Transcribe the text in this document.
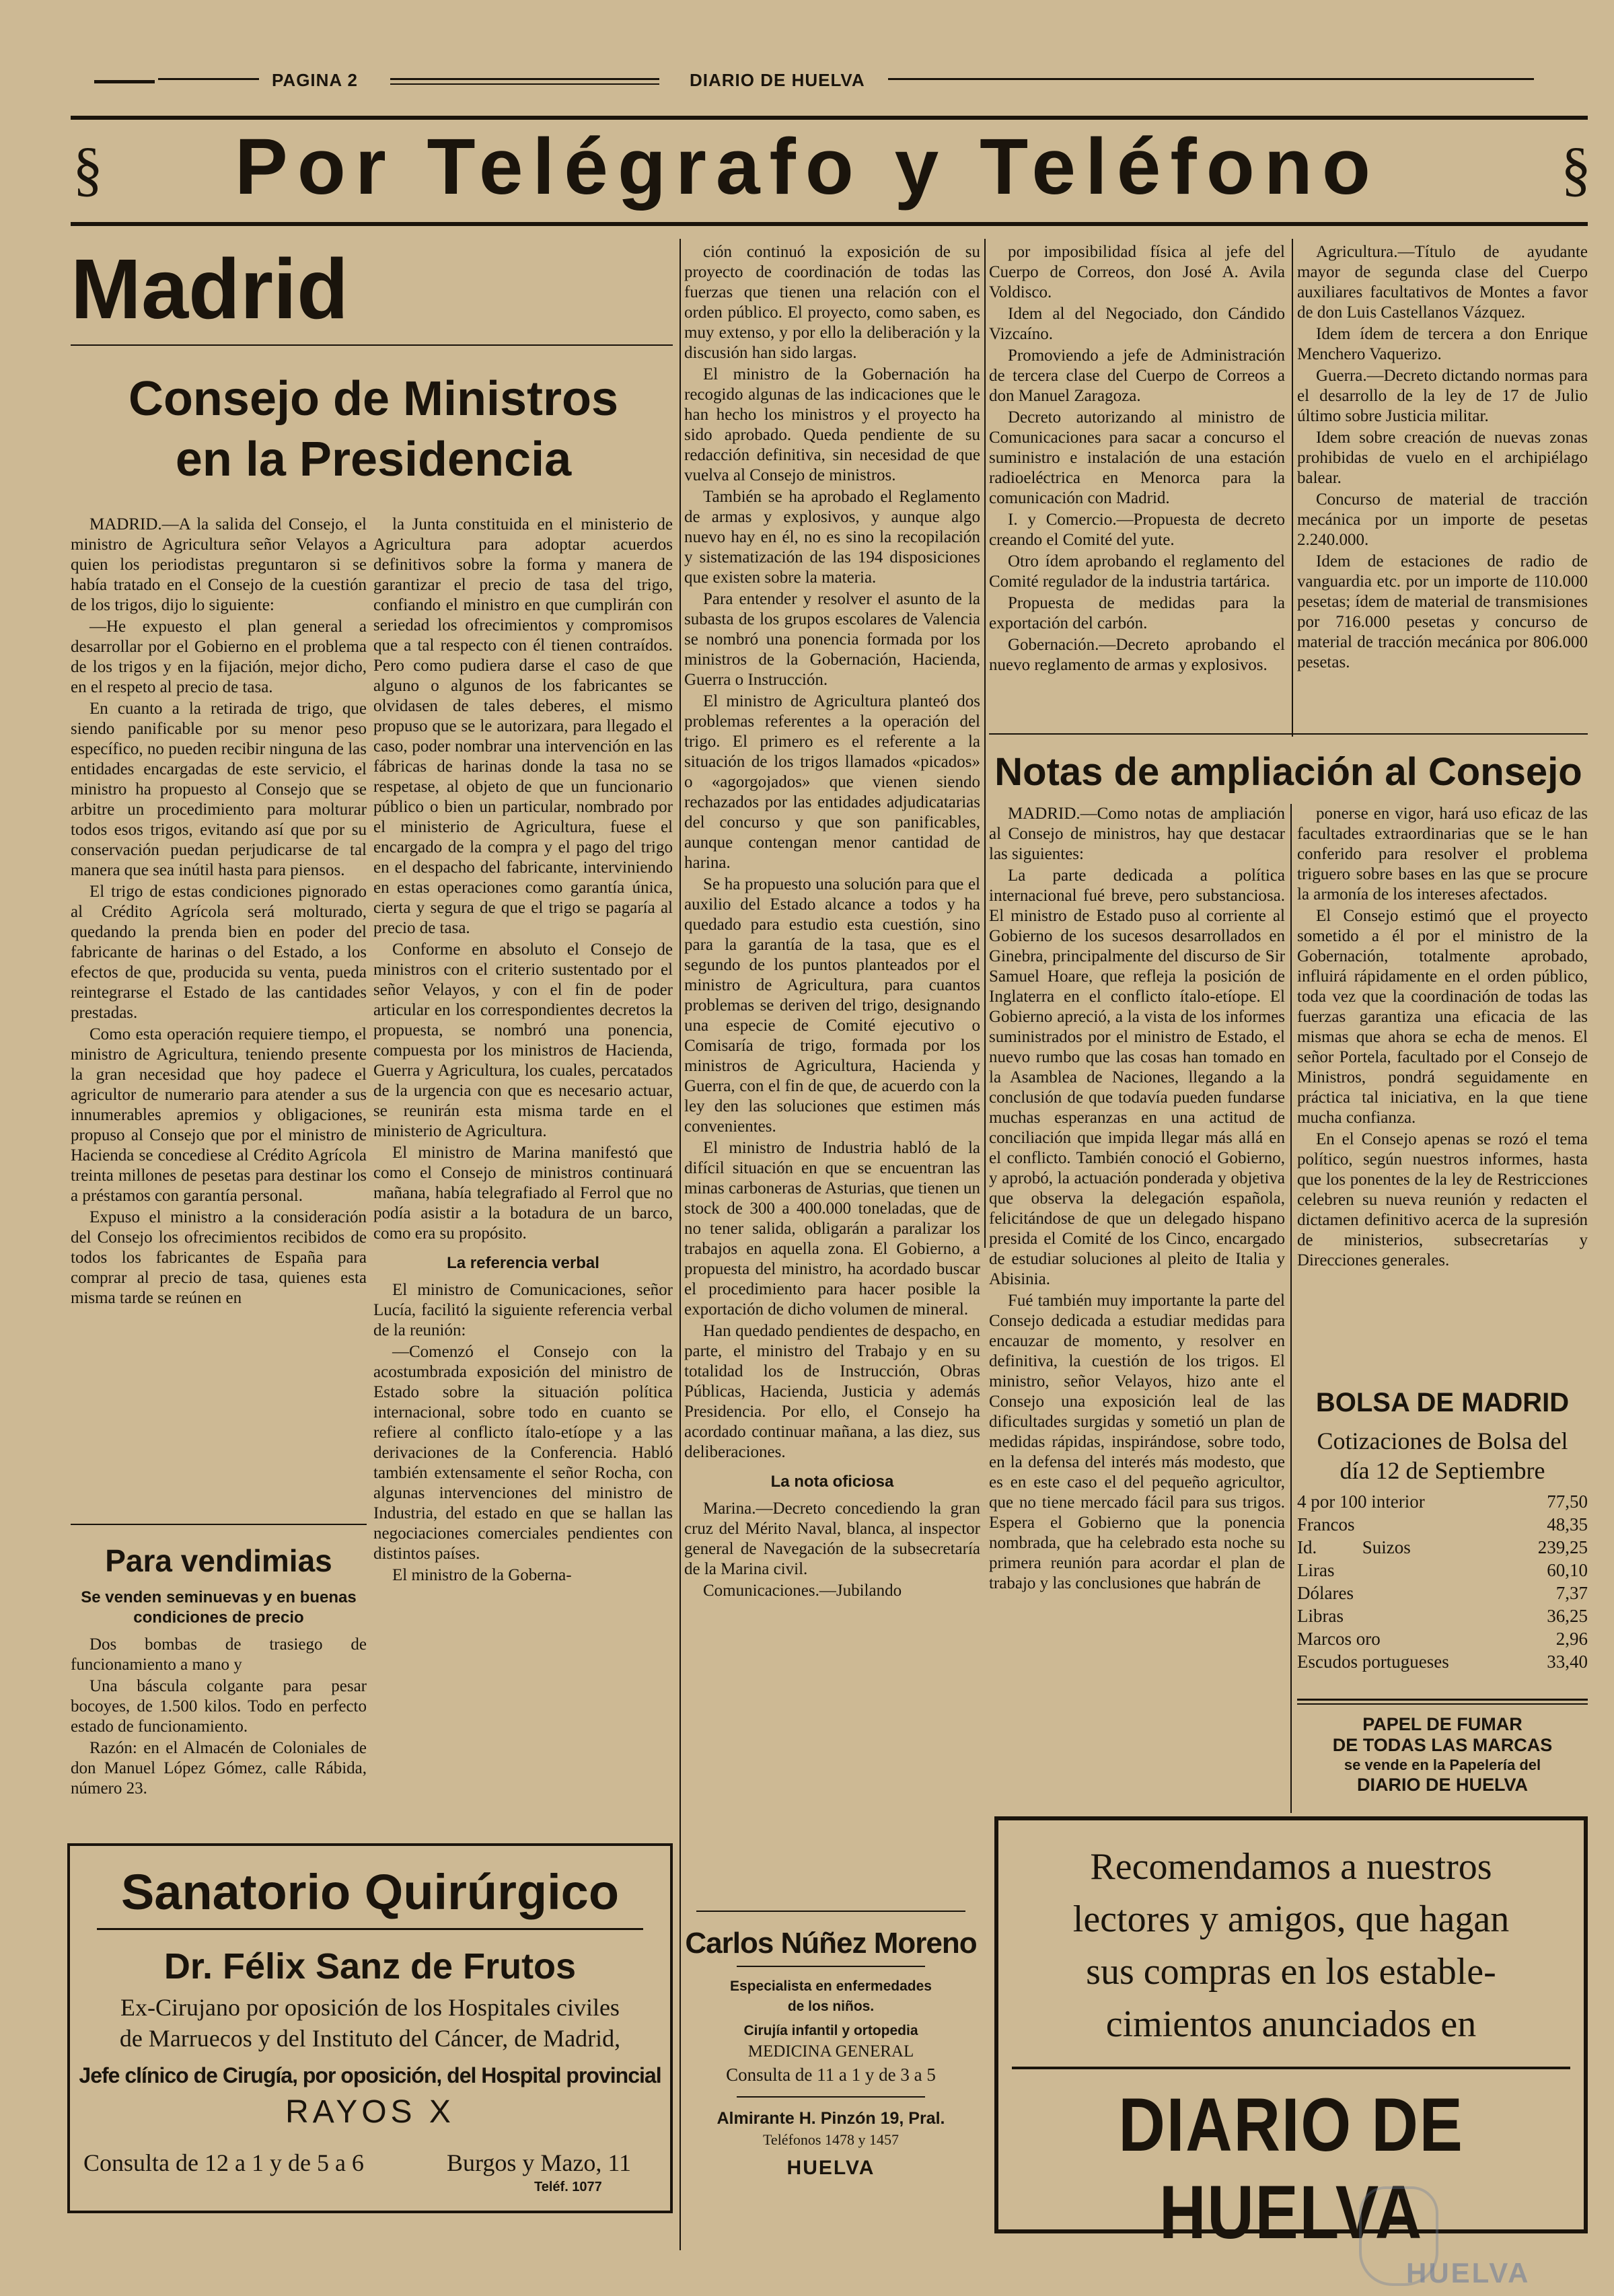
PAGINA 2	DIARIO DE HUELVA
§	Por Telégrafo y Teléfono	§
Madrid
Consejo de Ministros
en la Presidencia

MADRID.—A la salida del Consejo, el ministro de Agricultura señor Velayos a quien los periodistas preguntaron si se había tratado en el Consejo de la cuestión de los trigos, dijo lo siguiente:

—He expuesto el plan general a desarrollar por el Gobierno en el problema de los trigos y en la fijación, mejor dicho, en el respeto al precio de tasa.

En cuanto a la retirada de trigo, que siendo panificable por su menor peso específico, no pueden recibir ninguna de las entidades encargadas de este servicio, el ministro ha propuesto al Consejo que se arbitre un procedimiento para molturar todos esos trigos, evitando así que por su conservación puedan perjudicarse de tal manera que sea inútil hasta para piensos.

El trigo de estas condiciones pignorado al Crédito Agrícola será molturado, quedando la prenda bien en poder del fabricante de harinas o del Estado, a los efectos de que, producida su venta, pueda reintegrarse el Estado de las cantidades prestadas.

Como esta operación requiere tiempo, el ministro de Agricultura, teniendo presente la gran necesidad que hoy padece el agricultor de numerario para atender a sus innumerables apremios y obligaciones, propuso al Consejo que por el ministro de Hacienda se concediese al Crédito Agrícola treinta millones de pesetas para destinar los a préstamos con garantía personal.

Expuso el ministro a la consideración del Consejo los ofrecimientos recibidos de todos los fabricantes de España para comprar al precio de tasa, quienes esta misma tarde se reúnen en

Para vendimias
Se venden seminuevas y en buenas condiciones de precio

Dos bombas de trasiego de funcionamiento a mano y

Una báscula colgante para pesar bocoyes, de 1.500 kilos. Todo en perfecto estado de funcionamiento.

Razón: en el Almacén de Coloniales de don Manuel López Gómez, calle Rábida, número 23.

la Junta constituida en el ministerio de Agricultura para adoptar acuerdos definitivos sobre la forma y manera de garantizar el precio de tasa del trigo, confiando el ministro en que cumplirán con seriedad los ofrecimientos y compromisos que a tal respecto con él tienen contraídos. Pero como pudiera darse el caso de que alguno o algunos de los fabricantes se olvidasen de tales deberes, el mismo propuso que se le autorizara, para llegado el caso, poder nombrar una intervención en las fábricas de harinas donde la tasa no se respetase, al objeto de que un funcionario público o bien un particular, nombrado por el ministerio de Agricultura, fuese el encargado de la compra y el pago del trigo en el despacho del fabricante, interviniendo en estas operaciones como garantía única, cierta y segura de que el trigo se pagaría al precio de tasa.

Conforme en absoluto el Consejo de ministros con el criterio sustentado por el señor Velayos, y con el fin de poder articular en los correspondientes decretos la propuesta, se nombró una ponencia, compuesta por los ministros de Hacienda, Guerra y Agricultura, los cuales, percatados de la urgencia con que es necesario actuar, se reunirán esta misma tarde en el ministerio de Agricultura.

El ministro de Marina manifestó que como el Consejo de ministros continuará mañana, había telegrafiado al Ferrol que no podía asistir a la botadura de un barco, como era su propósito.

La referencia verbal

El ministro de Comunicaciones, señor Lucía, facilitó la siguiente referencia verbal de la reunión:

—Comenzó el Consejo con la acostumbrada exposición del ministro de Estado sobre la situación política internacional, sobre todo en cuanto se refiere al conflicto ítalo-etíope y a las derivaciones de la Conferencia. Habló también extensamente el señor Rocha, con algunas intervenciones del ministro de Industria, del estado en que se hallan las negociaciones comerciales pendientes con distintos países.

El ministro de la Goberna-

ción continuó la exposición de su proyecto de coordinación de todas las fuerzas que tienen una relación con el orden público. El proyecto, como saben, es muy extenso, y por ello la deliberación y la discusión han sido largas.

El ministro de la Gobernación ha recogido algunas de las indicaciones que le han hecho los ministros y el proyecto ha sido aprobado. Queda pendiente de su redacción definitiva, sin necesidad de que vuelva al Consejo de ministros.

También se ha aprobado el Reglamento de armas y explosivos, y aunque algo nuevo hay en él, no es sino la recopilación y sistematización de las 194 disposiciones que existen sobre la materia.

Para entender y resolver el asunto de la subasta de los grupos escolares de Valencia se nombró una ponencia formada por los ministros de la Gobernación, Hacienda, Guerra o Instrucción.

El ministro de Agricultura planteó dos problemas referentes a la operación del trigo. El primero es el referente a la situación de los trigos llamados «picados» o «agorgojados» que vienen siendo rechazados por las entidades adjudicatarias del concurso y que son panificables, aunque contengan menor cantidad de harina.

Se ha propuesto una solución para que el auxilio del Estado alcance a todos y ha quedado para estudio esta cuestión, sino para la garantía de la tasa, que es el segundo de los puntos planteados por el ministro de Agricultura, para cuantos problemas se deriven del trigo, designando una especie de Comité ejecutivo o Comisaría de trigo, formada por los ministros de Agricultura, Hacienda y Guerra, con el fin de que, de acuerdo con la ley den las soluciones que estimen más convenientes.

El ministro de Industria habló de la difícil situación en que se encuentran las minas carboneras de Asturias, que tienen un stock de 300 a 400.000 toneladas, que de no tener salida, obligarán a paralizar los trabajos en aquella zona. El Gobierno, a propuesta del ministro, ha acordado buscar el procedimiento para hacer posible la exportación de dicho volumen de mineral.

Han quedado pendientes de despacho, en parte, el ministro del Trabajo y en su totalidad los de Instrucción, Obras Públicas, Hacienda, Justicia y además Presidencia. Por ello, el Consejo ha acordado continuar mañana, a las diez, sus deliberaciones.

La nota oficiosa

Marina.—Decreto concediendo la gran cruz del Mérito Naval, blanca, al inspector general de Navegación de la subsecretaría de la Marina civil.

Comunicaciones.—Jubilando

por imposibilidad física al jefe del Cuerpo de Correos, don José A. Avila Voldisco.

Idem al del Negociado, don Cándido Vizcaíno.

Promoviendo a jefe de Administración de tercera clase del Cuerpo de Correos a don Manuel Zaragoza.

Decreto autorizando al ministro de Comunicaciones para sacar a concurso el suministro e instalación de una estación radioeléctrica en Menorca para la comunicación con Madrid.

I. y Comercio.—Propuesta de decreto creando el Comité del yute.

Otro ídem aprobando el reglamento del Comité regulador de la industria tartárica.

Propuesta de medidas para la exportación del carbón.

Gobernación.—Decreto aprobando el nuevo reglamento de armas y explosivos.

Agricultura.—Título de ayudante mayor de segunda clase del Cuerpo auxiliares facultativos de Montes a favor de don Luis Castellanos Vázquez.

Idem ídem de tercera a don Enrique Menchero Vaquerizo.

Guerra.—Decreto dictando normas para el desarrollo de la ley de 17 de Julio último sobre Justicia militar.

Idem sobre creación de nuevas zonas prohibidas de vuelo en el archipiélago balear.

Concurso de material de tracción mecánica por un importe de pesetas 2.240.000.

Idem de estaciones de radio de vanguardia etc. por un importe de 110.000 pesetas; ídem de material de transmisiones por 716.000 pesetas y concurso de material de tracción mecánica por 806.000 pesetas.

Notas de ampliación al Consejo

MADRID.—Como notas de ampliación al Consejo de ministros, hay que destacar las siguientes:

La parte dedicada a política internacional fué breve, pero substanciosa. El ministro de Estado puso al corriente al Gobierno de los sucesos desarrollados en Ginebra, principalmente del discurso de Sir Samuel Hoare, que refleja la posición de Inglaterra en el conflicto ítalo-etíope. El Gobierno apreció, a la vista de los informes suministrados por el ministro de Estado, el nuevo rumbo que las cosas han tomado en la Asamblea de Naciones, llegando a la conclusión de que todavía pueden fundarse muchas esperanzas en una actitud de conciliación que impida llegar más allá en el conflicto. También conoció el Gobierno, y aprobó, la actuación ponderada y objetiva que observa la delegación española, felicitándose de que un delegado hispano presida el Comité de los Cinco, encargado de estudiar soluciones al pleito de Italia y Abisinia.

Fué también muy importante la parte del Consejo dedicada a estudiar medidas para encauzar de momento, y resolver en definitiva, la cuestión de los trigos. El ministro, señor Velayos, hizo ante el Consejo una exposición leal de las dificultades surgidas y sometió un plan de medidas rápidas, inspirándose, sobre todo, en la defensa del interés más modesto, que es en este caso el del pequeño agricultor, que no tiene mercado fácil para sus trigos. Espera el Gobierno que la ponencia nombrada, que ha celebrado esta noche su primera reunión para acordar el plan de trabajo y las conclusiones que habrán de

ponerse en vigor, hará uso eficaz de las facultades extraordinarias que se le han conferido para resolver el problema triguero sobre bases en las que se procure la armonía de los intereses afectados.

El Consejo estimó que el proyecto sometido a él por el ministro de la Gobernación, totalmente aprobado, influirá rápidamente en el orden público, toda vez que la coordinación de todas las fuerzas garantiza una eficacia de las mismas que ahora se echa de menos. El señor Portela, facultado por el Consejo de Ministros, pondrá seguidamente en práctica tal iniciativa, en la que tiene mucha confianza.

En el Consejo apenas se rozó el tema político, según nuestros informes, hasta que los ponentes de la ley de Restricciones celebren su nueva reunión y redacten el dictamen definitivo acerca de la supresión de ministerios, subsecretarías y Direcciones generales.

BOLSA DE MADRID
Cotizaciones de Bolsa del
día 12 de Septiembre
4 por 100 interior	77,50
Francos	48,35
Id.          Suizos	239,25
Liras	60,10
Dólares	7,37
Libras	36,25
Marcos oro	2,96
Escudos portugueses	33,40
PAPEL DE FUMAR
DE TODAS LAS MARCAS
se vende en la Papelería del
DIARIO DE HUELVA
Sanatorio Quirúrgico
Dr. Félix Sanz de Frutos
Ex-Cirujano por oposición de los Hospitales civiles
de Marruecos y del Instituto del Cáncer, de Madrid,
Jefe clínico de Cirugía, por oposición, del Hospital provincial
RAYOS X
Consulta de 12 a 1 y de 5 a 6	Burgos y Mazo, 11
Teléf. 1077
Carlos Núñez Moreno
Especialista en enfermedades de los niños.
Cirujía infantil y ortopedia
MEDICINA GENERAL
Consulta de 11 a 1 y de 3 a 5
Almirante H. Pinzón 19, Pral.
Teléfonos 1478 y 1457
HUELVA
Recomendamos a nuestros
lectores y amigos, que hagan
sus compras en los estable-
cimientos anunciados en
DIARIO DE HUELVA
HUELVA
